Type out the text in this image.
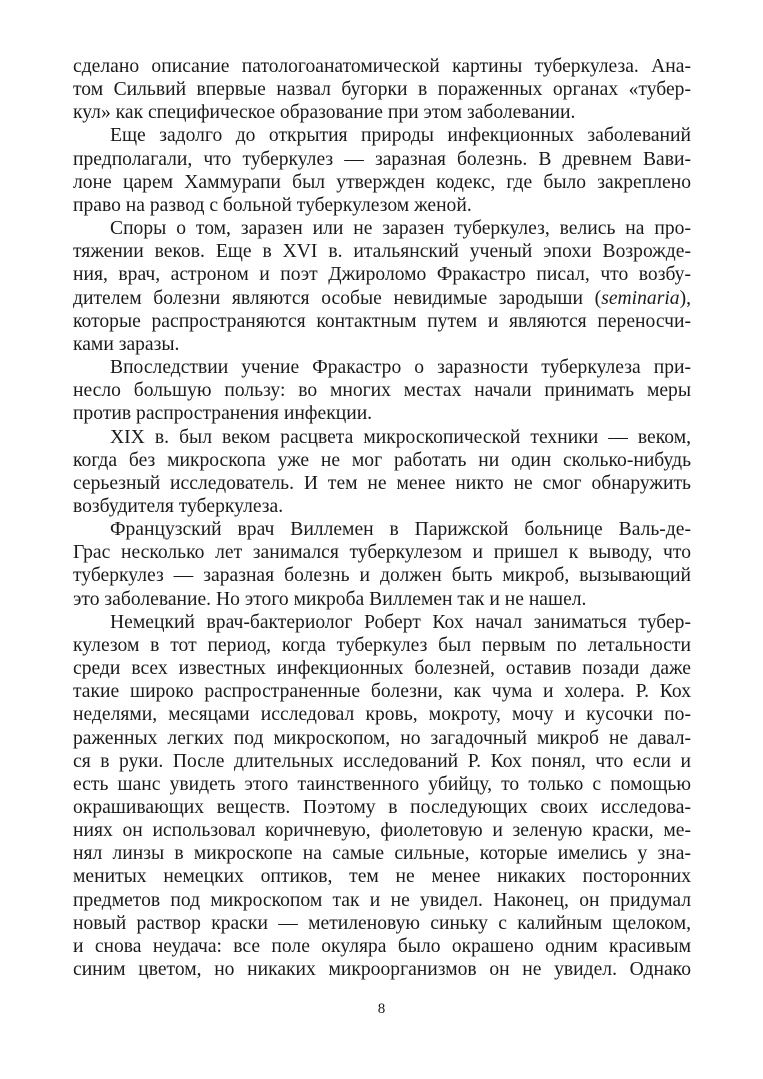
сделано описание патологоанатомической картины туберкулеза. Ана-
том Сильвий впервые назвал бугорки в пораженных органах «тубер-
кул» как специфическое образование при этом заболевании.

Еще задолго до открытия природы инфекционных заболеваний
предполагали, что туберкулез — заразная болезнь. В древнем Вави-
лоне царем Хаммурапи был утвержден кодекс, где было закреплено
право на развод с больной туберкулезом женой.

Споры о том, заразен или не заразен туберкулез, велись на про-
тяжении веков. Еще в XVI в. итальянский ученый эпохи Возрожде-
ния, врач, астроном и поэт Джироломо Фракастро писал, что возбу-
дителем болезни являются особые невидимые зародыши (seminaria),
которые распространяются контактным путем и являются переносчи-
ками заразы.

Впоследствии учение Фракастро о заразности туберкулеза при-
несло большую пользу: во многих местах начали принимать меры
против распространения инфекции.

XIX в. был веком расцвета микроскопической техники — веком,
когда без микроскопа уже не мог работать ни один сколько-нибудь
серьезный исследователь. И тем не менее никто не смог обнаружить
возбудителя туберкулеза.

Французский врач Виллемен в Парижской больнице Валь-де-
Грас несколько лет занимался туберкулезом и пришел к выводу, что
туберкулез — заразная болезнь и должен быть микроб, вызывающий
это заболевание. Но этого микроба Виллемен так и не нашел.

Немецкий врач-бактериолог Роберт Кох начал заниматься тубер-
кулезом в тот период, когда туберкулез был первым по летальности
среди всех известных инфекционных болезней, оставив позади даже
такие широко распространенные болезни, как чума и холера. Р. Кох
неделями, месяцами исследовал кровь, мокроту, мочу и кусочки по-
раженных легких под микроскопом, но загадочный микроб не давал-
ся в руки. После длительных исследований Р. Кох понял, что если и
есть шанс увидеть этого таинственного убийцу, то только с помощью
окрашивающих веществ. Поэтому в последующих своих исследова-
ниях он использовал коричневую, фиолетовую и зеленую краски, ме-
нял линзы в микроскопе на самые сильные, которые имелись у зна-
менитых немецких оптиков, тем не менее никаких посторонних
предметов под микроскопом так и не увидел. Наконец, он придумал
новый раствор краски — метиленовую синьку с калийным щелоком,
и снова неудача: все поле окуляра было окрашено одним красивым
синим цветом, но никаких микроорганизмов он не увидел. Однако

8
